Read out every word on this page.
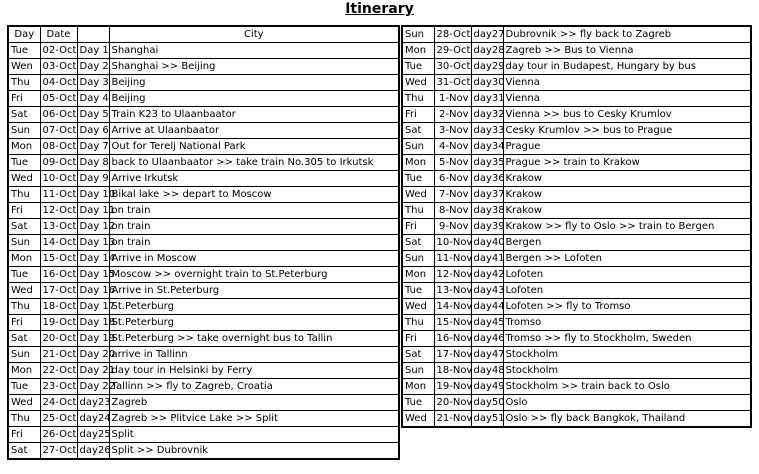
Itinerary
Day	Date		City
Tue	02-Oct	Day 1	Shanghai
Wen	03-Oct	Day 2	Shanghai >> Beijing
Thu	04-Oct	Day 3	Beijing
Fri	05-Oct	Day 4	Beijing
Sat	06-Oct	Day 5	Train K23 to Ulaanbaator
Sun	07-Oct	Day 6	Arrive at Ulaanbaator
Mon	08-Oct	Day 7	Out for Terelj National Park
Tue	09-Oct	Day 8	back to Ulaanbaator >> take train No.305 to Irkutsk
Wed	10-Oct	Day 9	Arrive Irkutsk
Thu	11-Oct	Day 10	Bikal lake >> depart to Moscow
Fri	12-Oct	Day 11	on train
Sat	13-Oct	Day 12	on train
Sun	14-Oct	Day 13	on train
Mon	15-Oct	Day 14	Arrive in Moscow
Tue	16-Oct	Day 15	Moscow >> overnight train to St.Peterburg
Wed	17-Oct	Day 16	Arrive in St.Peterburg
Thu	18-Oct	Day 17	St.Peterburg
Fri	19-Oct	Day 18	St.Peterburg
Sat	20-Oct	Day 19	St.Peterburg >> take overnight bus to Tallin
Sun	21-Oct	Day 20	arrive in Tallinn
Mon	22-Oct	Day 21	day tour in Helsinki by Ferry
Tue	23-Oct	Day 22	Tallinn >> fly to Zagreb, Croatia
Wed	24-Oct	day23	Zagreb
Thu	25-Oct	day24	Zagreb >> Plitvice Lake >> Split
Fri	26-Oct	day25	Split
Sat	27-Oct	day26	Split >> Dubrovnik
Sun	28-Oct	day27	Dubrovnik >> fly back to Zagreb
Mon	29-Oct	day28	Zagreb >> Bus to Vienna
Tue	30-Oct	day29	day tour in Budapest, Hungary by bus
Wed	31-Oct	day30	Vienna
Thu	1-Nov	day31	Vienna
Fri	2-Nov	day32	Vienna >> bus to Cesky Krumlov
Sat	3-Nov	day33	Cesky Krumlov >> bus to Prague
Sun	4-Nov	day34	Prague
Mon	5-Nov	day35	Prague >> train to Krakow
Tue	6-Nov	day36	Krakow
Wed	7-Nov	day37	Krakow
Thu	8-Nov	day38	Krakow
Fri	9-Nov	day39	Krakow >> fly to Oslo >> train to Bergen
Sat	10-Nov	day40	Bergen
Sun	11-Nov	day41	Bergen >> Lofoten
Mon	12-Nov	day42	Lofoten
Tue	13-Nov	day43	Lofoten
Wed	14-Nov	day44	Lofoten >> fly to Tromso
Thu	15-Nov	day45	Tromso
Fri	16-Nov	day46	Tromso >> fly to Stockholm, Sweden
Sat	17-Nov	day47	Stockholm
Sun	18-Nov	day48	Stockholm
Mon	19-Nov	day49	Stockholm >> train back to Oslo
Tue	20-Nov	day50	Oslo
Wed	21-Nov	day51	Oslo >> fly back Bangkok, Thailand
